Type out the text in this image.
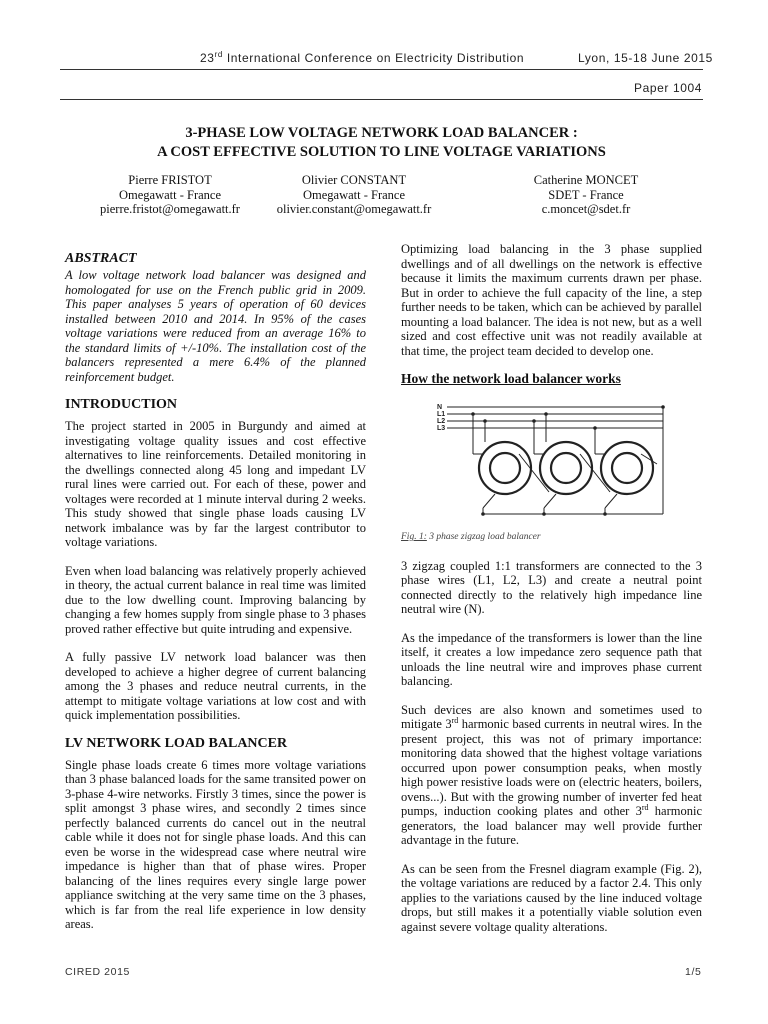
23rd International Conference on Electricity Distribution	Lyon, 15-18 June 2015
Paper 1004
3-PHASE LOW VOLTAGE NETWORK LOAD BALANCER :
A COST EFFECTIVE SOLUTION TO LINE VOLTAGE VARIATIONS
Pierre FRISTOT
Omegawatt - France
pierre.fristot@omegawatt.fr
Olivier CONSTANT
Omegawatt - France
olivier.constant@omegawatt.fr
Catherine MONCET
SDET - France
c.moncet@sdet.fr
ABSTRACT

A low voltage network load balancer was designed and homologated for use on the French public grid in 2009. This paper analyses 5 years of operation of 60 devices installed between 2010 and 2014. In 95% of the cases voltage variations were reduced from an average 16% to the standard limits of +/-10%. The installation cost of the balancers represented a mere 6.4% of the planned reinforcement budget.

INTRODUCTION

The project started in 2005 in Burgundy and aimed at investigating voltage quality issues and cost effective alternatives to line reinforcements. Detailed monitoring in the dwellings connected along 45 long and impedant LV rural lines were carried out. For each of these, power and voltages were recorded at 1 minute interval during 2 weeks. This study showed that single phase loads causing LV network imbalance was by far the largest contributor to voltage variations.

Even when load balancing was relatively properly achieved in theory, the actual current balance in real time was limited due to the low dwelling count. Improving balancing by changing a few homes supply from single phase to 3 phases proved rather effective but quite intruding and expensive.

A fully passive LV network load balancer was then developed to achieve a higher degree of current balancing among the 3 phases and reduce neutral currents, in the attempt to mitigate voltage variations at low cost and with quick implementation possibilities.

LV NETWORK LOAD BALANCER

Single phase loads create 6 times more voltage variations than 3 phase balanced loads for the same transited power on 3-phase 4-wire networks. Firstly 3 times, since the power is split amongst 3 phase wires, and secondly 2 times since perfectly balanced currents do cancel out in the neutral cable while it does not for single phase loads. And this can even be worse in the widespread case where neutral wire impedance is higher than that of phase wires. Proper balancing of the lines requires every single large power appliance switching at the very same time on the 3 phases, which is far from the real life experience in low density areas.

Optimizing load balancing in the 3 phase supplied dwellings and of all dwellings on the network is effective because it limits the maximum currents drawn per phase. But in order to achieve the full capacity of the line, a step further needs to be taken, which can be achieved by parallel mounting a load balancer. The idea is not new, but as a well sized and cost effective unit was not readily available at that time, the project team decided to develop one.

How the network load balancer works
N
L1
L2
L3

Fig. 1: 3 phase zigzag load balancer

3 zigzag coupled 1:1 transformers are connected to the 3 phase wires (L1, L2, L3) and create a neutral point connected directly to the relatively high impedance line neutral wire (N).

As the impedance of the transformers is lower than the line itself, it creates a low impedance zero sequence path that unloads the line neutral wire and improves phase current balancing.

Such devices are also known and sometimes used to mitigate 3rd harmonic based currents in neutral wires. In the present project, this was not of primary importance: monitoring data showed that the highest voltage variations occurred upon power consumption peaks, when mostly high power resistive loads were on (electric heaters, boilers, ovens...). But with the growing number of inverter fed heat pumps, induction cooking plates and other 3rd harmonic generators, the load balancer may well provide further advantage in the future.

As can be seen from the Fresnel diagram example (Fig. 2), the voltage variations are reduced by a factor 2.4. This only applies to the variations caused by the line induced voltage drops, but still makes it a potentially viable solution even against severe voltage quality alterations.

CIRED 2015	1/5
